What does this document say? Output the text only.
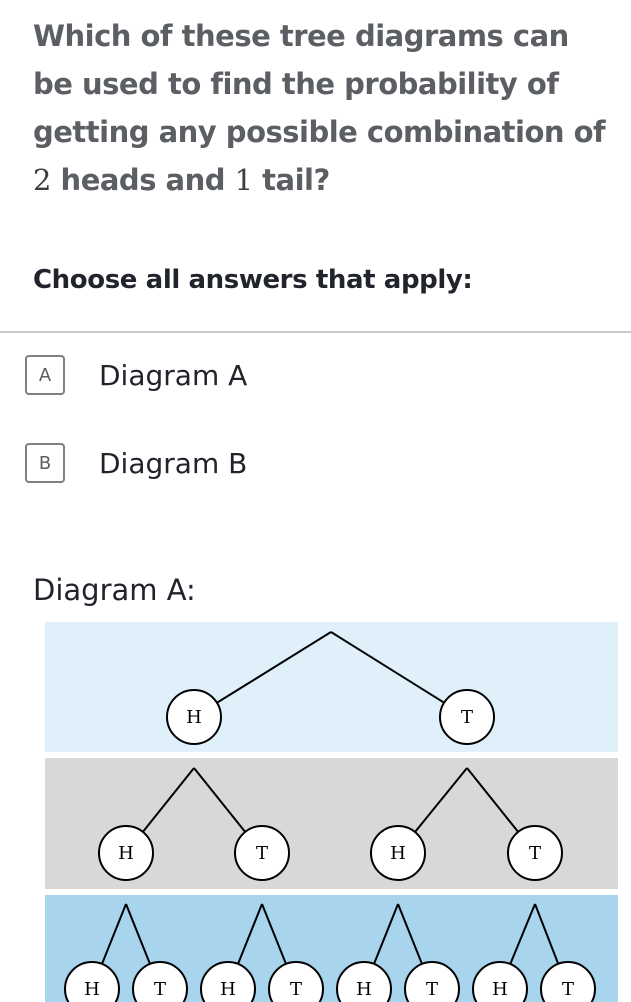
Which of these tree diagrams can be used to find the probability of getting any possible combination of 2 heads and 1 tail?
Choose all answers that apply:
A	Diagram A
B	Diagram B
Diagram A:
H	T
H	T	H	T
H	T	H	T	H	T	H	T
